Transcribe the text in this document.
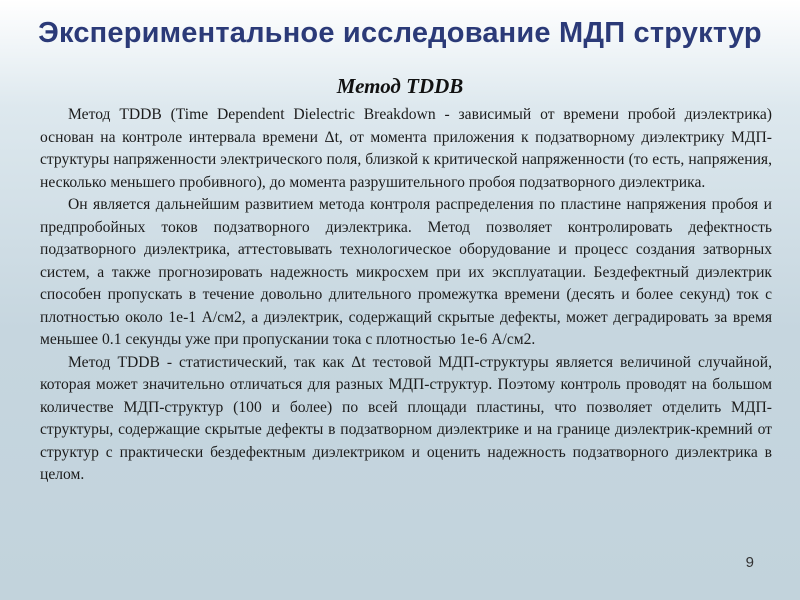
Экспериментальное исследование МДП структур
Метод TDDB

Метод TDDB (Time Dependent Dielectric Breakdown - зависимый от времени пробой диэлектрика) основан на контроле интервала времени Δt, от момента приложения к подзатворному диэлектрику МДП-структуры напряженности электрического поля, близкой к критической напряженности (то есть, напряжения, несколько меньшего пробивного), до момента разрушительного пробоя подзатворного диэлектрика.

Он является дальнейшим развитием метода контроля распределения по пластине напряжения пробоя и предпробойных токов подзатворного диэлектрика. Метод позволяет контролировать дефектность подзатворного диэлектрика, аттестовывать технологическое оборудование и процесс создания затворных систем, а также прогнозировать надежность микросхем при их эксплуатации. Бездефектный диэлектрик способен пропускать в течение довольно длительного промежутка времени (десять и более секунд) ток с плотностью около 1е-1 А/см2, а диэлектрик, содержащий скрытые дефекты, может деградировать за время меньшее 0.1 секунды уже при пропускании тока с плотностью 1е-6 А/см2.

Метод TDDB - статистический, так как Δt тестовой МДП-структуры является величиной случайной, которая может значительно отличаться для разных МДП-структур. Поэтому контроль проводят на большом количестве МДП-структур (100 и более) по всей площади пластины, что позволяет отделить МДП-структуры, содержащие скрытые дефекты в подзатворном диэлектрике и на границе диэлектрик-кремний от структур с практически бездефектным диэлектриком и оценить надежность подзатворного диэлектрика в целом.

9
